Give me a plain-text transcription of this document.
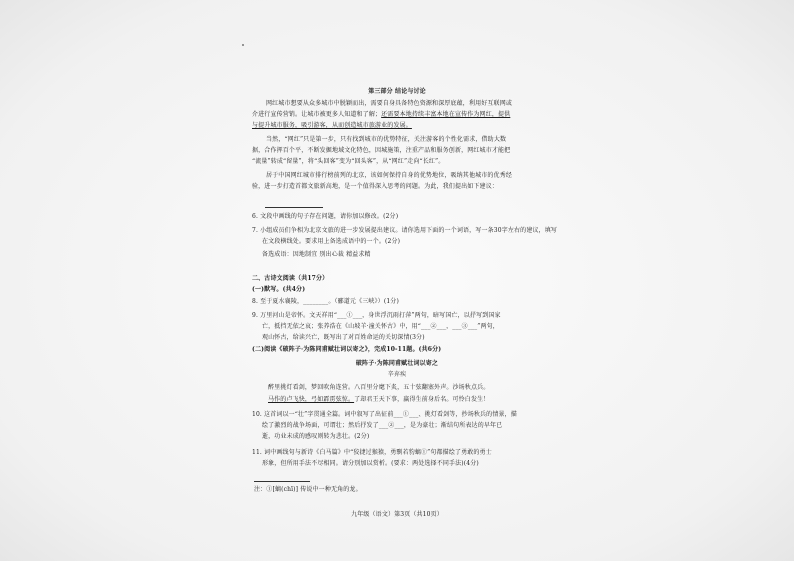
第三部分 结论与讨论
网红城市想要从众多城市中脱颖而出，需要自身具备特色资源和深厚底蕴，利用好互联网或
介进行宣传营销。让城市被更多人知道和了解；还需要本地持续丰富本地在宣传作为网红，提供
与提升城市服务，吸引游客，从而创造城市旅游业的发展。
当然，“网红”只是第一步，只有找到城市的优势特征，关注游客的个性化需求，借助大数
据，合作挥百个平，不断发掘地域文化特色，因城施策，注重产品和服务创新，网红城市才能把
“流量”转成“留量”，将“头回客”变为“回头客”，从“网红”走向“长红”。
居于中国网红城市排行榜前列的北京，该如何保持自身的优势地位，吸纳其他城市的优秀经
验，进一步打造首都文旅新高地，是一个值得深入思考的问题。为此，我们提出如下建议：
6. 文段中画线的句子存在问题，请你加以修改。(2分)
7. 小组成员们争相为北京文旅的进一步发展提出建议。请你选用下面的一个词语，写一条30字左右的建议，填写
在文段横线处。要求用上备选成语中的一个。(2分)
备选成语：因地制宜 别出心裁 精益求精
二、古诗文阅读（共17分）
(一)默写。(共4分)
8. 至于夏水襄陵，________。（郦道元《三峡》）(1分)
9. 万里河山是帝怀。文天祥用“___①___，身世浮沉雨打萍”两句，暗写国亡，以抒写到国家
亡，抵挡无依之哀；张养浩在《山坡羊·潼关怀古》中，用“___②___，___③___”两句，
观山怀古，给读兴亡，既写出了对百姓命运的关切深情(3分)
(二)阅读《破阵子·为陈同甫赋壮词以寄之》，完成10-11题。(共6分)
破阵子·为陈同甫赋壮词以寄之
辛弃疾
醉里挑灯看剑，梦回吹角连营。八百里分麾下炙，五十弦翻塞外声。沙场秋点兵。
马作的卢飞快，弓如霹雳弦惊。了却君王天下事，赢得生前身后名。可怜白发生！
10. 这首词以一“壮”字贯通全篇。词中叙写了出征前___①___、挑灯看剑等，抄场秋兵的情景，描
绘了激烈的战争场面，可谓壮；然后抒发了___②___，是为豪壮；渐结句所表达的早年已
逝，功业未成的感叹则转为悲壮。(2分)
11. 词中画线句与新诗《白马篇》中“狡捷过猴猿，勇剽若豹螭①”句都描绘了勇敢的勇士
形象，但所用手法不尽相同。请分别加以赏析。(要求：两处选择不同手法)(4分)
注：①[螭(chī)] 传说中一种无角的龙。
九年级（语文）第3页（共10页）
